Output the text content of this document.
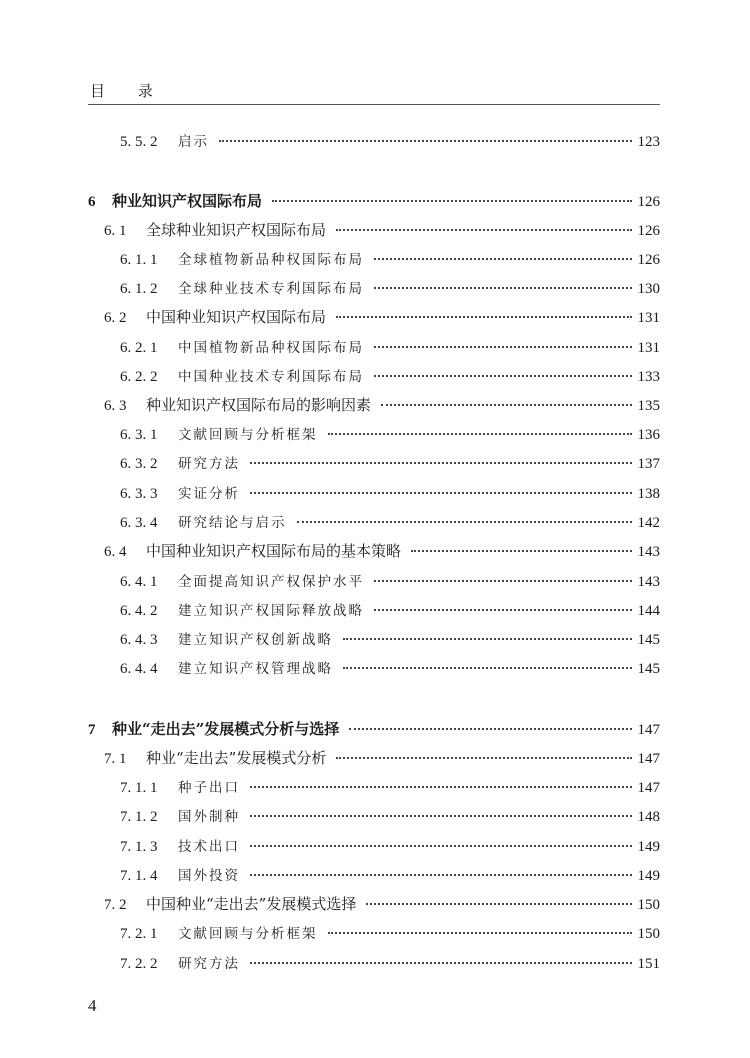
目 录
5. 5. 2	启示	123
6	种业知识产权国际布局	126
6. 1	全球种业知识产权国际布局	126
6. 1. 1	全球植物新品种权国际布局	126
6. 1. 2	全球种业技术专利国际布局	130
6. 2	中国种业知识产权国际布局	131
6. 2. 1	中国植物新品种权国际布局	131
6. 2. 2	中国种业技术专利国际布局	133
6. 3	种业知识产权国际布局的影响因素	135
6. 3. 1	文献回顾与分析框架	136
6. 3. 2	研究方法	137
6. 3. 3	实证分析	138
6. 3. 4	研究结论与启示	142
6. 4	中国种业知识产权国际布局的基本策略	143
6. 4. 1	全面提高知识产权保护水平	143
6. 4. 2	建立知识产权国际释放战略	144
6. 4. 3	建立知识产权创新战略	145
6. 4. 4	建立知识产权管理战略	145
7	种业“走出去”发展模式分析与选择	147
7. 1	种业“走出去”发展模式分析	147
7. 1. 1	种子出口	147
7. 1. 2	国外制种	148
7. 1. 3	技术出口	149
7. 1. 4	国外投资	149
7. 2	中国种业“走出去”发展模式选择	150
7. 2. 1	文献回顾与分析框架	150
7. 2. 2	研究方法	151
4
